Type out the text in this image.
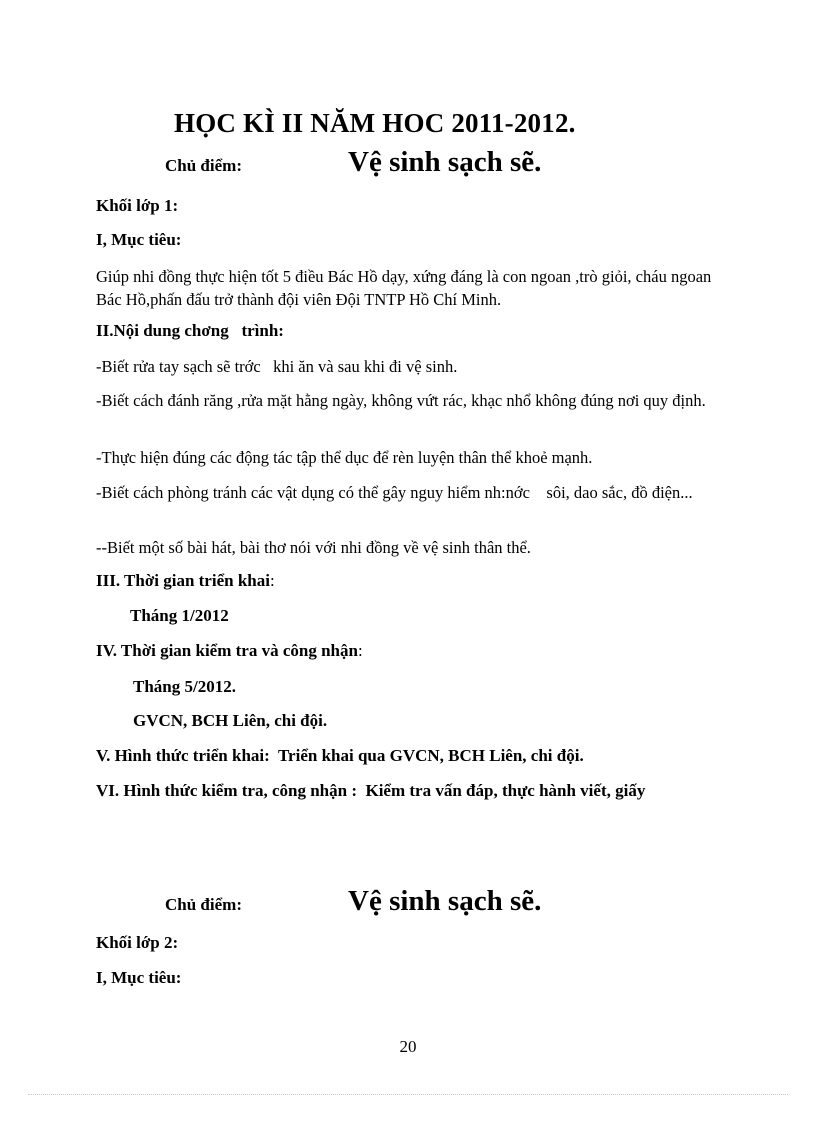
HỌC KÌ II NĂM HOC 2011-2012.
Chủ điểm:	Vệ sinh sạch sẽ.
Khối lớp 1:
I, Mục tiêu:
Giúp nhi đồng thực hiện tốt 5 điều Bác Hồ dạy, xứng đáng là con ngoan ,trò giỏi, cháu ngoan Bác Hồ,phấn đấu trở thành đội viên Đội TNTP Hồ Chí Minh.
II.Nội dung chơng   trình:
-Biết rửa tay sạch sẽ trớc   khi ăn và sau khi đi vệ sinh.
-Biết cách đánh răng ,rửa mặt hằng ngày, không vứt rác, khạc nhổ không đúng nơi quy định.
-Thực hiện đúng các động tác tập thể dục để rèn luyện thân thể khoẻ mạnh.
-Biết cách phòng tránh các vật dụng có thể gây nguy hiểm nh:nớc    sôi, dao sắc, đồ điện...
--Biết một số bài hát, bài thơ nói với nhi đồng về vệ sinh thân thể.
III. Thời gian triển khai:
Tháng 1/2012
IV. Thời gian kiểm tra và công nhận:
Tháng 5/2012.
GVCN, BCH Liên, chi đội.
V. Hình thức triển khai:  Triển khai qua GVCN, BCH Liên, chi đội.
VI. Hình thức kiểm tra, công nhận :  Kiểm tra vấn đáp, thực hành viết, giấy
Chủ điểm:	Vệ sinh sạch sẽ.
Khối lớp 2:
I, Mục tiêu:
20
